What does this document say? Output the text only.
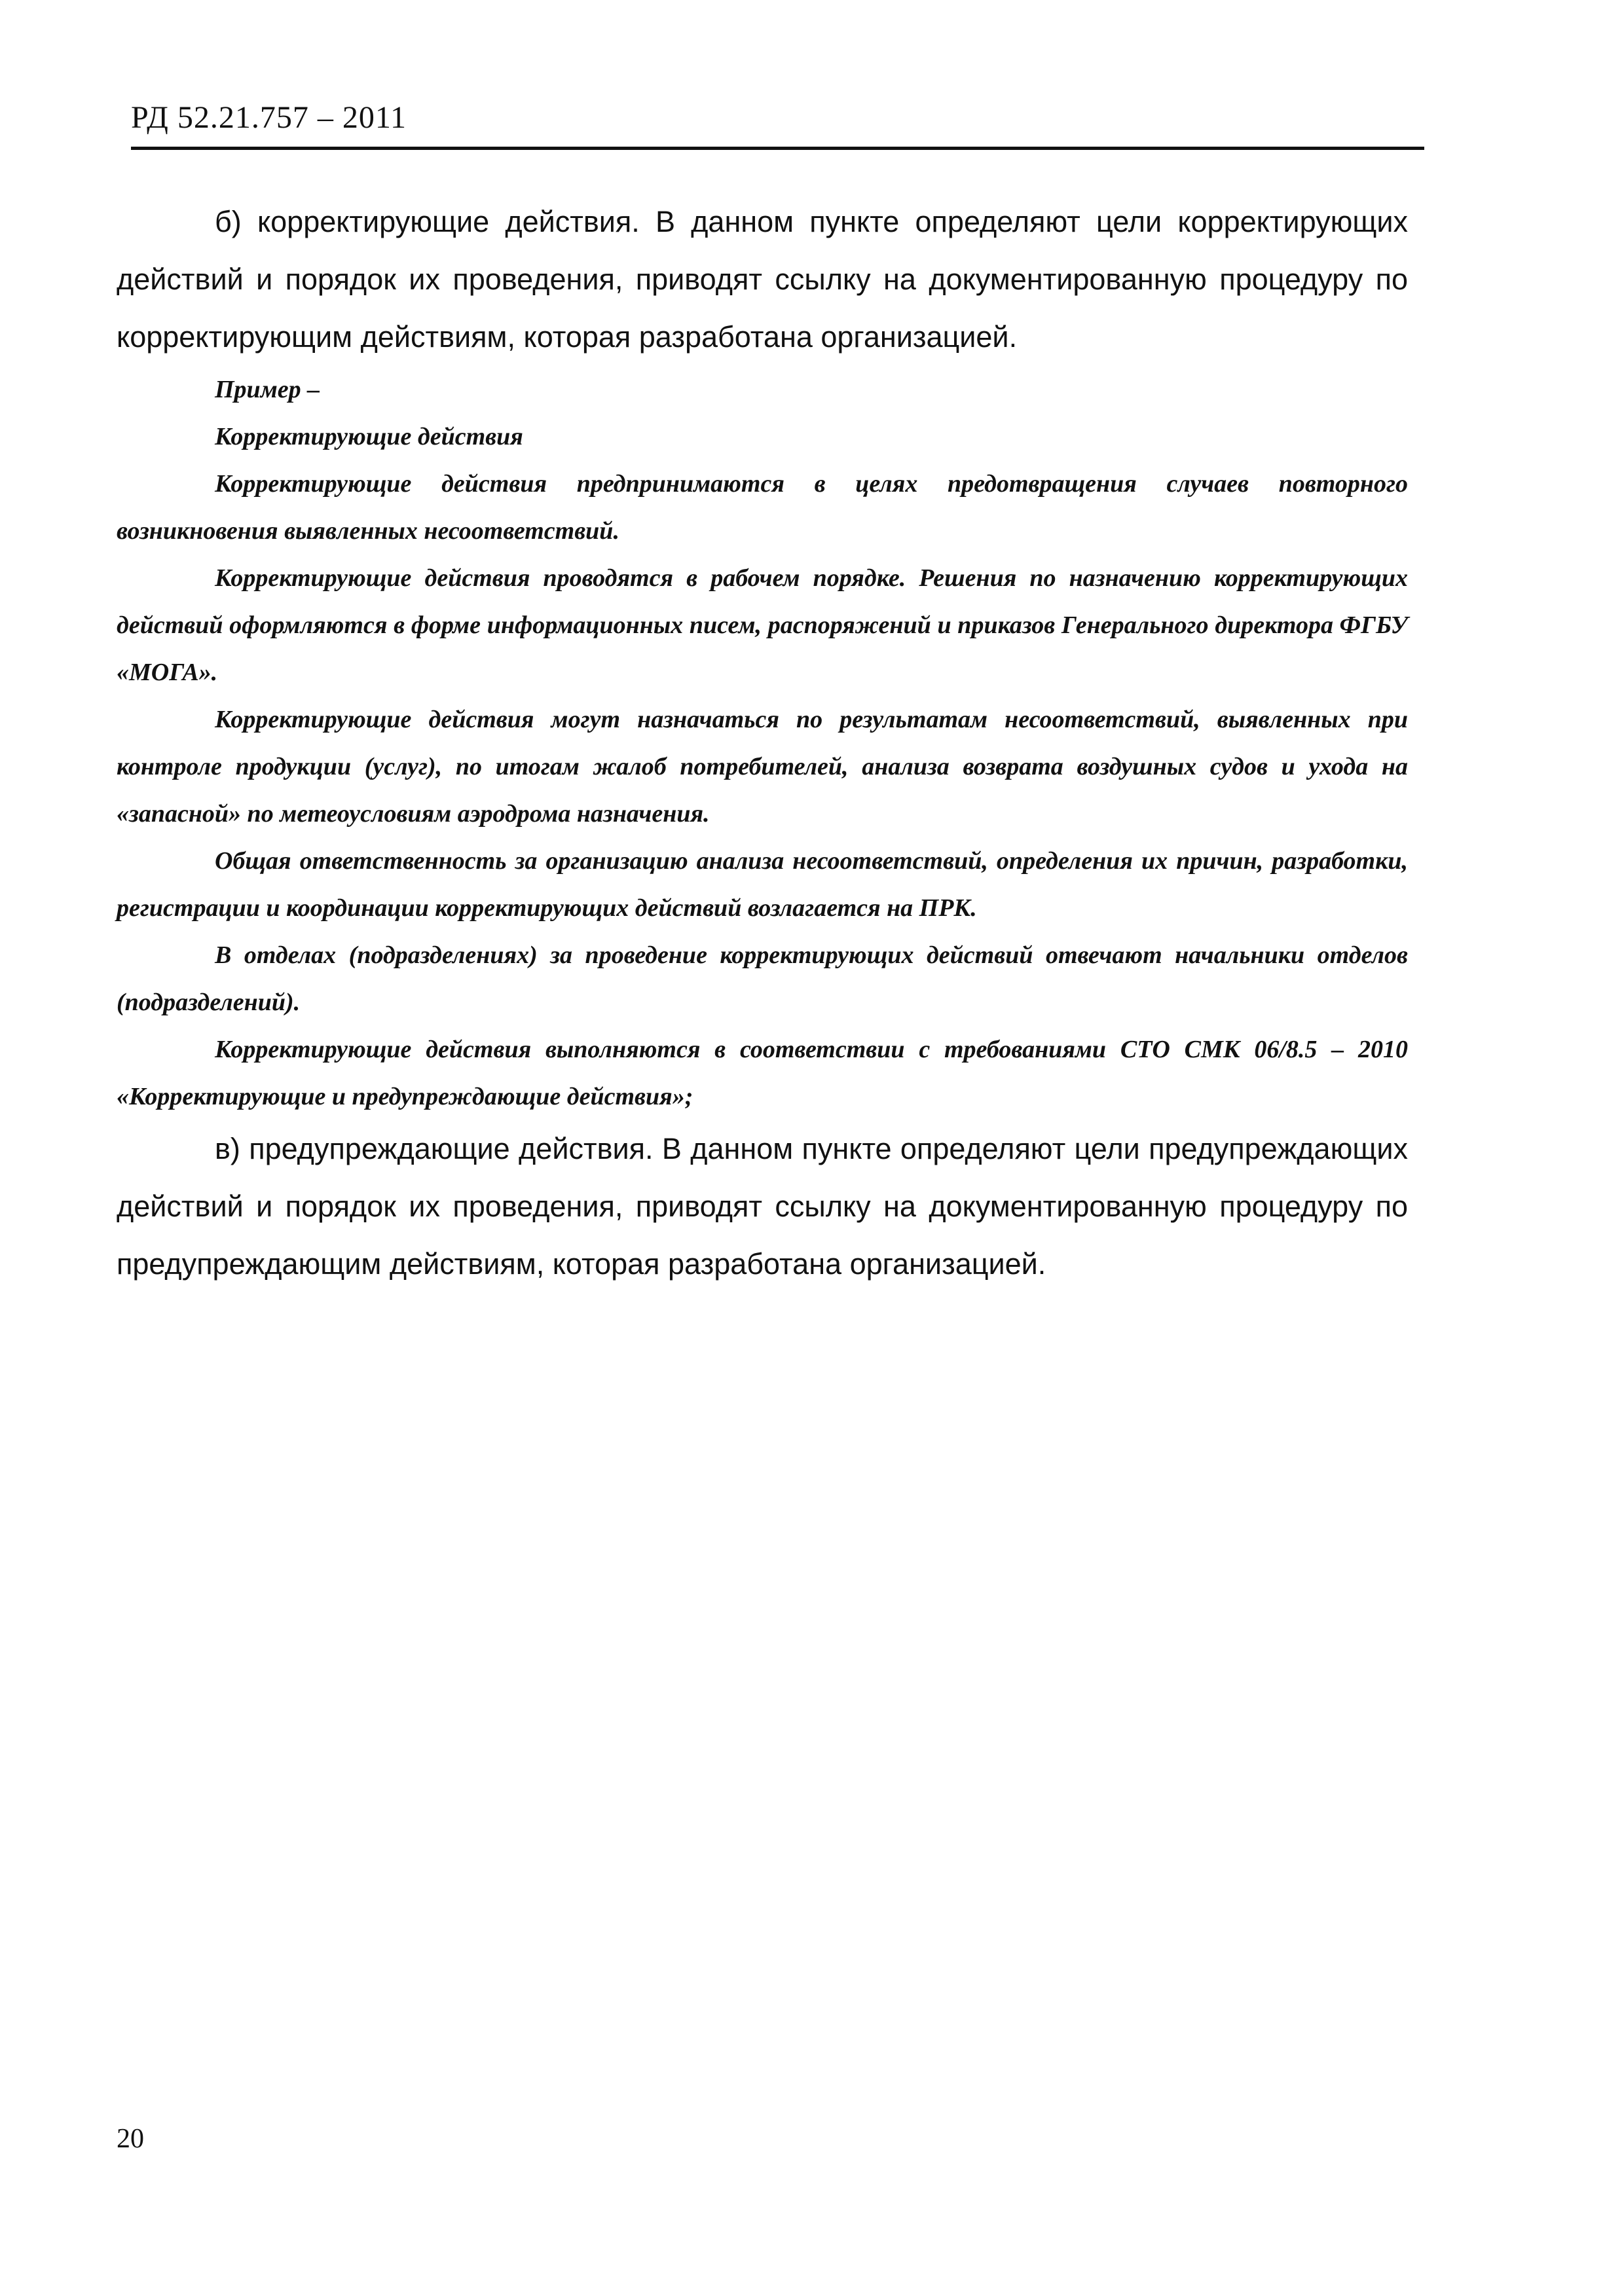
РД 52.21.757 – 2011

б) корректирующие действия. В данном пункте определяют цели корректирующих действий и порядок их проведения, приводят ссылку на документированную процедуру по корректирующим действиям, которая разработана организацией.

Пример –

Корректирующие действия

Корректирующие действия предпринимаются в целях предотвращения случаев повторного возникновения выявленных несоответствий.

Корректирующие действия проводятся в рабочем порядке. Решения по назначению корректирующих действий оформляются в форме информационных писем, распоряжений и приказов Генерального директора ФГБУ «МОГА».

Корректирующие действия могут назначаться по результатам несоответствий, выявленных при контроле продукции (услуг), по итогам жалоб потребителей, анализа возврата воздушных судов и ухода на «запасной» по метеоусловиям аэродрома назначения.

Общая ответственность за организацию анализа несоответствий, определения их причин, разработки, регистрации и координации корректирующих действий возлагается на ПРК.

В отделах (подразделениях) за проведение корректирующих действий отвечают начальники отделов (подразделений).

Корректирующие действия выполняются в соответствии с требованиями СТО СМК 06/8.5 – 2010 «Корректирующие и предупреждающие действия»;

в) предупреждающие действия. В данном пункте определяют цели предупреждающих действий и порядок их проведения, приводят ссылку на документированную процедуру по предупреждающим действиям, которая разработана организацией.

20
